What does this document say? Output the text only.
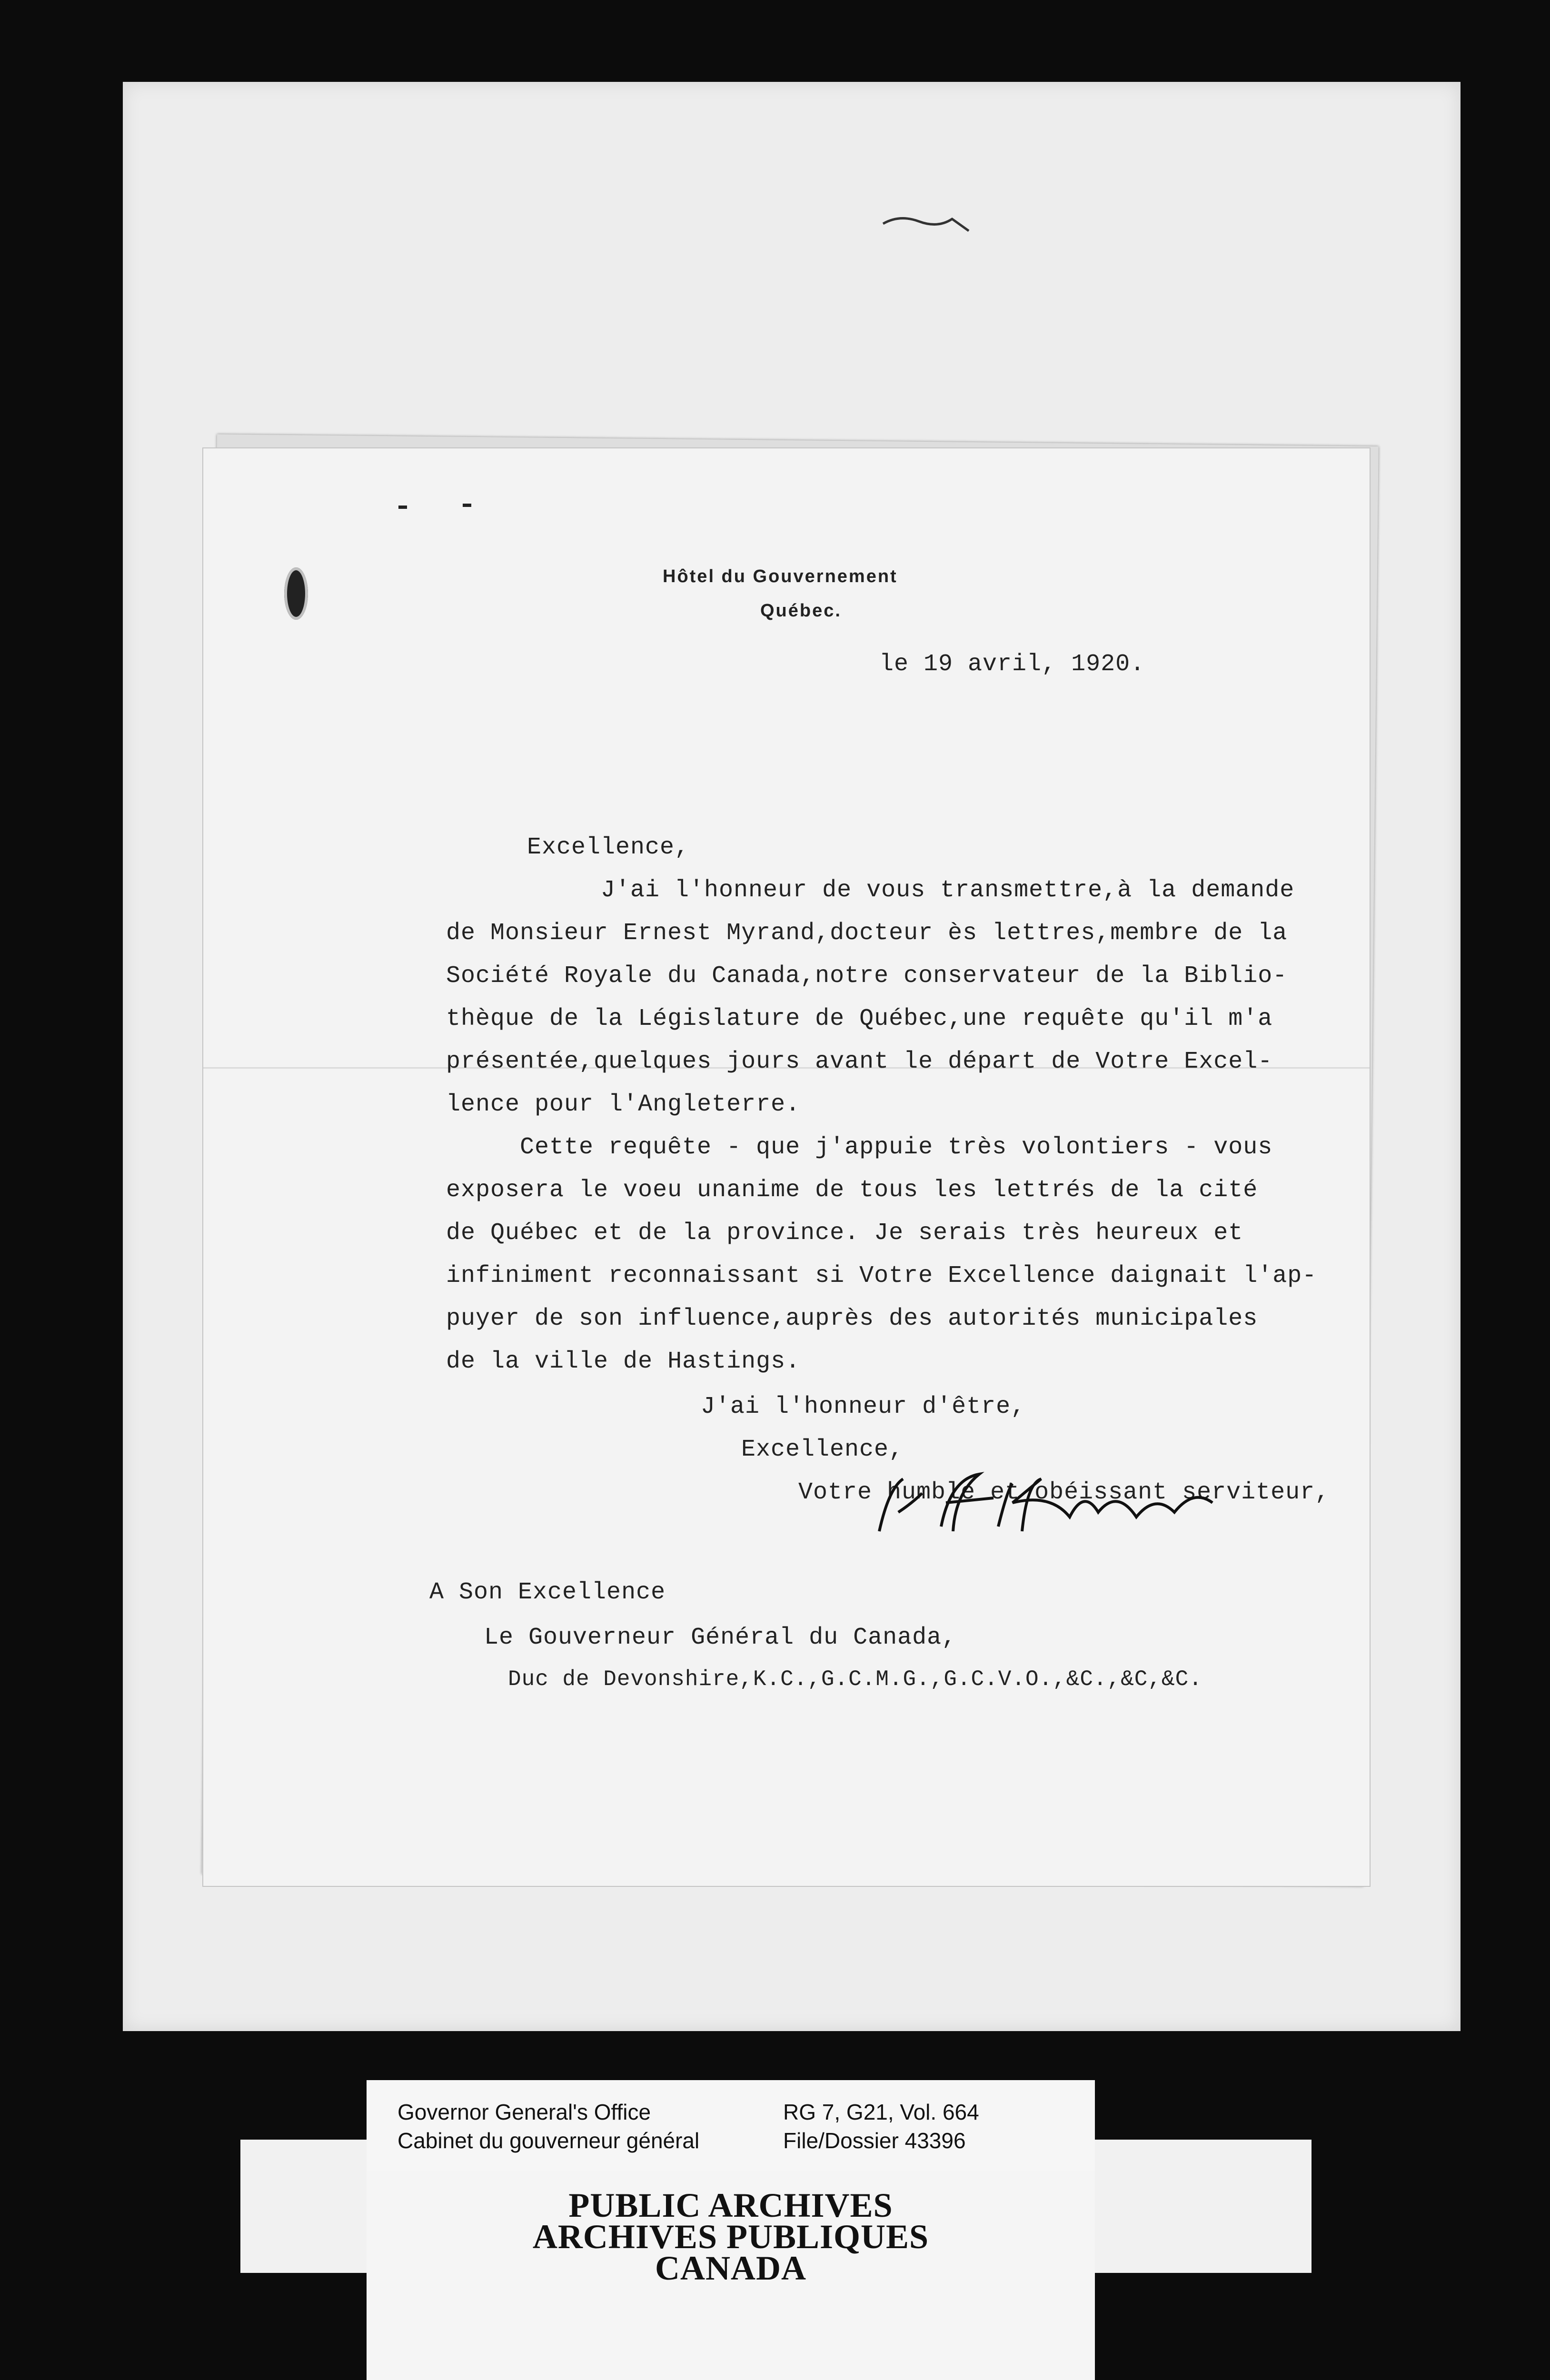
Hôtel du Gouvernement
Québec.
le 19 avril, 1920.
Excellence,
J'ai l'honneur de vous transmettre,à la demande
de Monsieur Ernest Myrand,docteur ès lettres,membre de la
Société Royale du Canada,notre conservateur de la Biblio-
thèque de la Législature de Québec,une requête qu'il m'a
présentée,quelques jours avant le départ de Votre Excel-
lence pour l'Angleterre.
Cette requête - que j'appuie très volontiers - vous
exposera le voeu unanime de tous les lettrés de la cité
de Québec et de la province. Je serais très heureux et
infiniment reconnaissant si Votre Excellence daignait l'ap-
puyer de son influence,auprès des autorités municipales
de la ville de Hastings.
J'ai l'honneur d'être,
Excellence,
Votre humble et obéissant serviteur,
A Son Excellence
Le Gouverneur Général du Canada,
Duc de Devonshire,K.C.,G.C.M.G.,G.C.V.O.,&C.,&C,&C.
Governor General's Office
Cabinet du gouverneur général
RG 7, G21, Vol. 664
File/Dossier 43396
PUBLIC ARCHIVES
ARCHIVES PUBLIQUES
CANADA
